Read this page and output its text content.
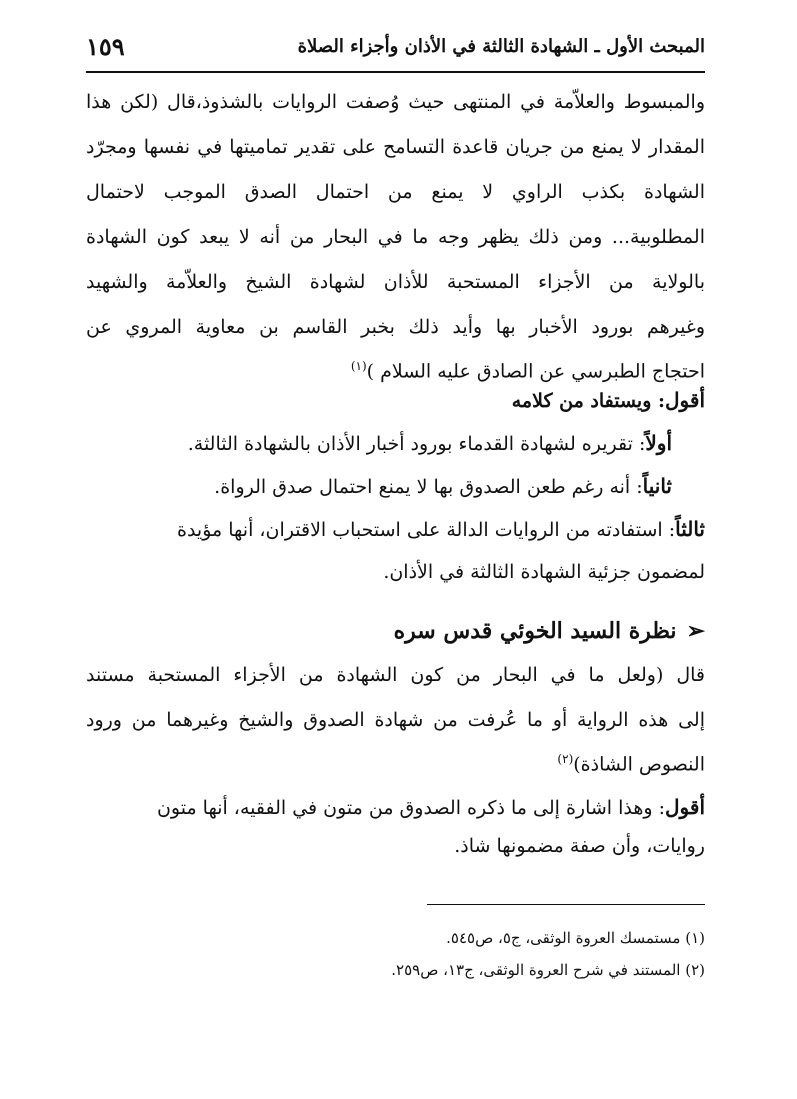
المبحث الأول ـ الشهادة الثالثة في الأذان وأجزاء الصلاة
١٥٩
والمبسوط والعلاّمة في المنتهى حيث وُصفت الروايات بالشذوذ،قال (لكن هذا
المقدار لا يمنع من جريان قاعدة التسامح على تقدير تماميتها في نفسها ومجرّد
الشهادة بكذب الراوي لا يمنع من احتمال الصدق الموجب لاحتمال
المطلوبية... ومن ذلك يظهر وجه ما في البحار من أنه لا يبعد كون الشهادة
بالولاية من الأجزاء المستحبة للأذان لشهادة الشيخ والعلاّمة والشهيد
وغيرهم بورود الأخبار بها وأيد ذلك بخبر القاسم بن معاوية المروي عن
احتجاج الطبرسي عن الصادق عليه السلام )$^{(١)}$
أقول: ويستفاد من كلامه
أولاً: تقريره لشهادة القدماء بورود أخبار الأذان بالشهادة الثالثة.
ثانياً: أنه رغم طعن الصدوق بها لا يمنع احتمال صدق الرواة.
ثالثاً: استفادته من الروايات الدالة على استحباب الاقتران، أنها مؤيدة
لمضمون جزئية الشهادة الثالثة في الأذان.
➢نظرة السيد الخوئي قدس سره
قال (ولعل ما في البحار من كون الشهادة من الأجزاء المستحبة مستند
إلى هذه الرواية أو ما عُرفت من شهادة الصدوق والشيخ وغيرهما من ورود
النصوص الشاذة)$^{(٢)}$
أقول: وهذا اشارة إلى ما ذكره الصدوق من متون في الفقيه، أنها متون
روايات، وأن صفة مضمونها شاذ.
(١) مستمسك العروة الوثقى، ج٥، ص٥٤٥.
(٢) المستند في شرح العروة الوثقى، ج١٣، ص٢٥٩.
